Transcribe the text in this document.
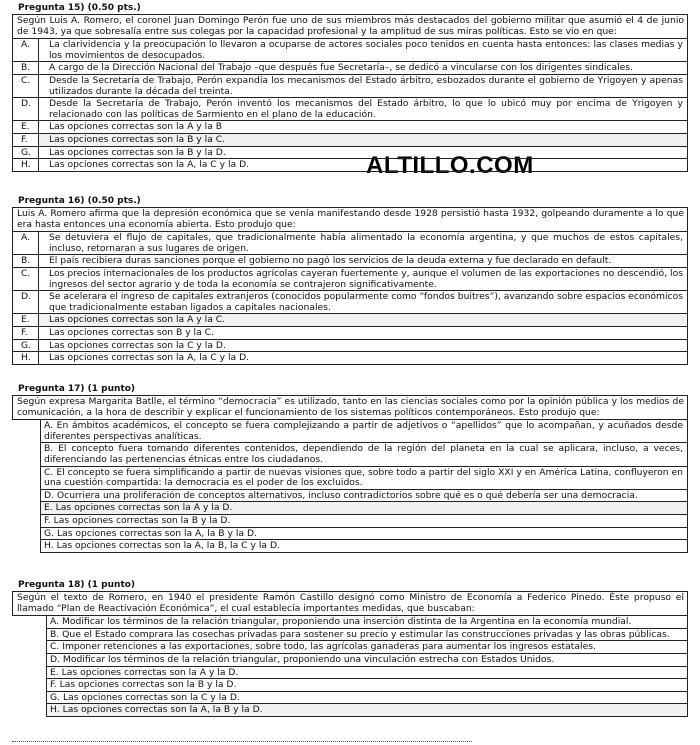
ALTILLO.COM
Pregunta 15) (0.50 pts.)
Según Luis A. Romero, el coronel Juan Domingo Perón fue uno de sus miembros más destacados del gobierno militar que asumió el 4 de junio de 1943, ya que sobresalía entre sus colegas por la capacidad profesional y la amplitud de sus miras políticas. Esto se vio en que:
A.	La clarividencia y la preocupación lo llevaron a ocuparse de actores sociales poco tenidos en cuenta hasta entonces: las clases medias y los movimientos de desocupados.
B.	A cargo de la Dirección Nacional del Trabajo –que después fue Secretaría–, se dedicó a vincularse con los dirigentes sindicales.
C.	Desde la Secretaría de Trabajo, Perón expandía los mecanismos del Estado árbitro, esbozados durante el gobierno de Yrigoyen y apenas utilizados durante la década del treinta.
D.	Desde la Secretaría de Trabajo, Perón inventó los mecanismos del Estado árbitro, lo que lo ubicó muy por encima de Yrigoyen y relacionado con las políticas de Sarmiento en el plano de la educación.
E.	Las opciones correctas son la A y la B
F.	Las opciones correctas son la B y la C.
G.	Las opciones correctas son la B y la D.
H.	Las opciones correctas son la A, la C y la D.
Pregunta 16) (0.50 pts.)
Luis A. Romero afirma que la depresión económica que se venía manifestando desde 1928 persistió hasta 1932, golpeando duramente a lo que era hasta entonces una economía abierta. Esto produjo que:
A.	Se detuviera el flujo de capitales, que tradicionalmente había alimentado la economía argentina, y que muchos de estos capitales, incluso, retornaran a sus lugares de origen.
B.	El país recibiera duras sanciones porque el gobierno no pagó los servicios de la deuda externa y fue declarado en default.
C.	Los precios internacionales de los productos agrícolas cayeran fuertemente y, aunque el volumen de las exportaciones no descendió, los ingresos del sector agrario y de toda la economía se contrajeron significativamente.
D.	Se acelerara el ingreso de capitales extranjeros (conocidos popularmente como “fondos buitres”), avanzando sobre espacios económicos que tradicionalmente estaban ligados a capitales nacionales.
E.	Las opciones correctas son la A y la C.
F.	Las opciones correctas son B y la C.
G.	Las opciones correctas son la C y la D.
H.	Las opciones correctas son la A, la C y la D.
Pregunta 17) (1 punto)
Según expresa Margarita Batlle, el término “democracia” es utilizado, tanto en las ciencias sociales como por la opinión pública y los medios de comunicación, a la hora de describir y explicar el funcionamiento de los sistemas políticos contemporáneos. Esto produjo que:
A. En ámbitos académicos, el concepto se fuera complejizando a partir de adjetivos o “apellidos” que lo acompañan, y acuñados desde diferentes perspectivas analíticas.
B. El concepto fuera tomando diferentes contenidos, dependiendo de la región del planeta en la cual se aplicara, incluso, a veces, diferenciando las pertenencias étnicas entre los ciudadanos.
C. El concepto se fuera simplificando a partir de nuevas visiones que, sobre todo a partir del siglo XXI y en América Latina, confluyeron en una cuestión compartida: la democracia es el poder de los excluidos.
D. Ocurriera una proliferación de conceptos alternativos, incluso contradictorios sobre qué es o qué debería ser una democracia.
E. Las opciones correctas son la A y la D.
F. Las opciones correctas son la B y la D.
G. Las opciones correctas son la A, la B y la D.
H. Las opciones correctas son la A, la B, la C y la D.
Pregunta 18) (1 punto)
Según el texto de Romero, en 1940 el presidente Ramón Castillo designó como Ministro de Economía a Federico Pinedo. Éste propuso el llamado “Plan de Reactivación Económica”, el cual establecía importantes medidas, que buscaban:
A. Modificar los términos de la relación triangular, proponiendo una inserción distinta de la Argentina en la economía mundial.
B. Que el Estado comprara las cosechas privadas para sostener su precio y estimular las construcciones privadas y las obras públicas.
C. Imponer retenciones a las exportaciones, sobre todo, las agrícolas ganaderas para aumentar los ingresos estatales.
D. Modificar los términos de la relación triangular, proponiendo una vinculación estrecha con Estados Unidos.
E. Las opciones correctas son la A y la D.
F. Las opciones correctas son la B y la D.
G. Las opciones correctas son la C y la D.
H. Las opciones correctas son la A, la B y la D.
